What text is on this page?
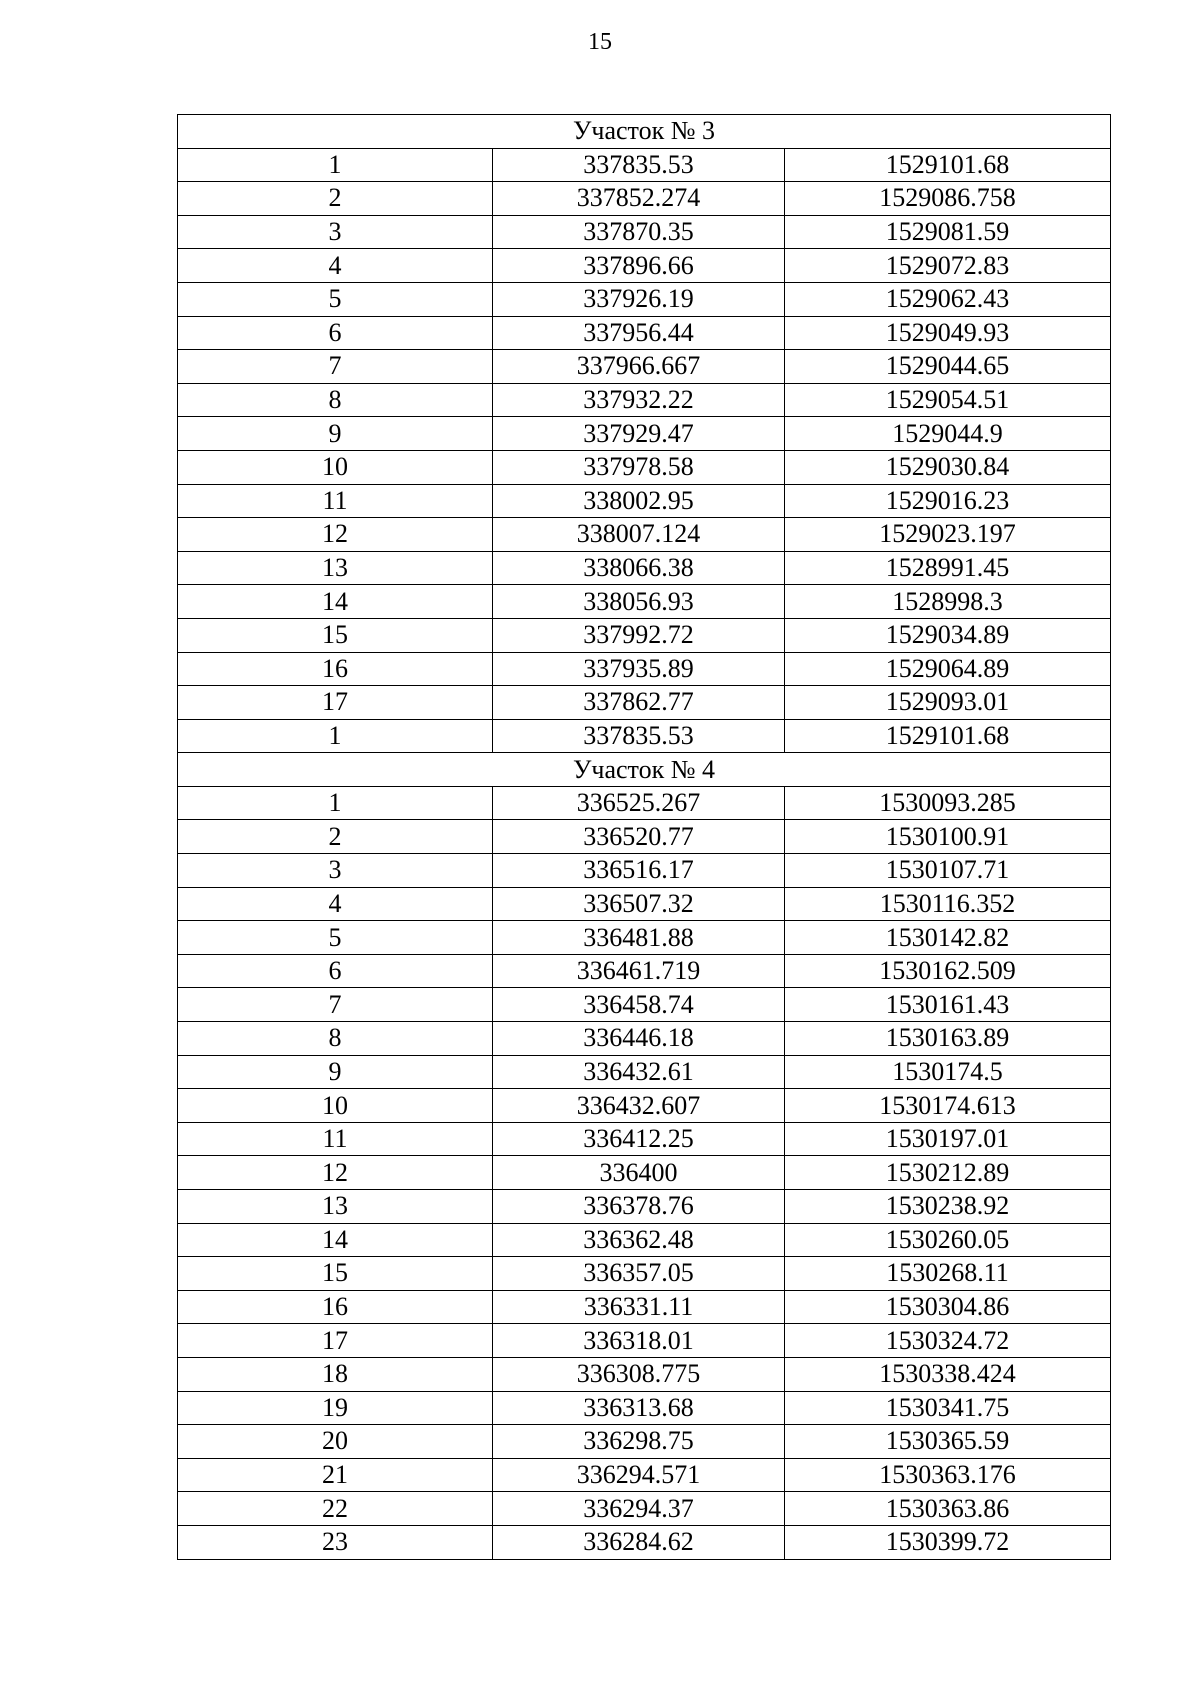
15
Участок № 3		
1	337835.53	1529101.68
2	337852.274	1529086.758
3	337870.35	1529081.59
4	337896.66	1529072.83
5	337926.19	1529062.43
6	337956.44	1529049.93
7	337966.667	1529044.65
8	337932.22	1529054.51
9	337929.47	1529044.9
10	337978.58	1529030.84
11	338002.95	1529016.23
12	338007.124	1529023.197
13	338066.38	1528991.45
14	338056.93	1528998.3
15	337992.72	1529034.89
16	337935.89	1529064.89
17	337862.77	1529093.01
1	337835.53	1529101.68
Участок № 4		
1	336525.267	1530093.285
2	336520.77	1530100.91
3	336516.17	1530107.71
4	336507.32	1530116.352
5	336481.88	1530142.82
6	336461.719	1530162.509
7	336458.74	1530161.43
8	336446.18	1530163.89
9	336432.61	1530174.5
10	336432.607	1530174.613
11	336412.25	1530197.01
12	336400	1530212.89
13	336378.76	1530238.92
14	336362.48	1530260.05
15	336357.05	1530268.11
16	336331.11	1530304.86
17	336318.01	1530324.72
18	336308.775	1530338.424
19	336313.68	1530341.75
20	336298.75	1530365.59
21	336294.571	1530363.176
22	336294.37	1530363.86
23	336284.62	1530399.72
